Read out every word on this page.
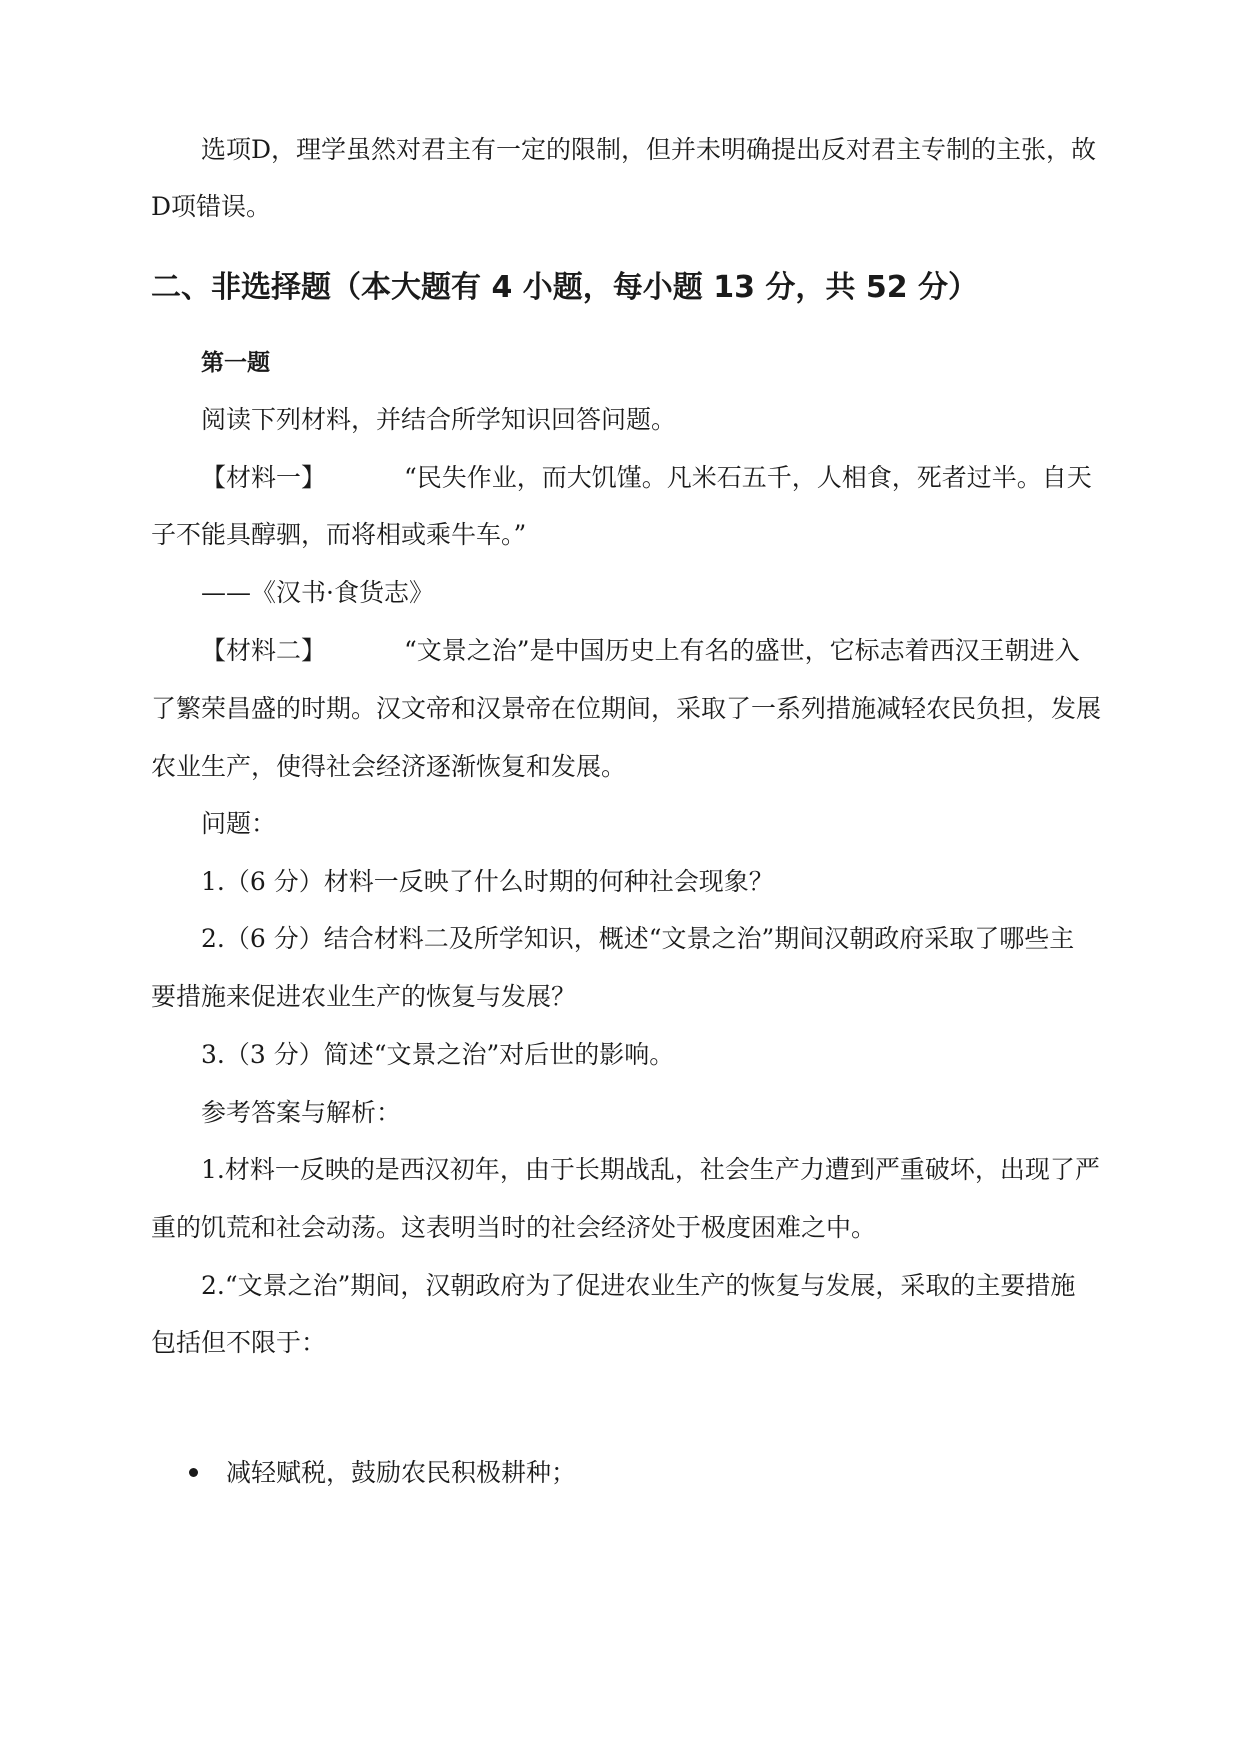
选项D，理学虽然对君主有一定的限制，但并未明确提出反对君主专制的主张，故
D项错误。
二、非选择题（本大题有 4 小题，每小题 13 分，共 52 分）
第一题
阅读下列材料，并结合所学知识回答问题。
【材料一】	“民失作业，而大饥馑。凡米石五千，人相食，死者过半。自天
子不能具醇驷，而将相或乘牛车。”
——《汉书·食货志》
【材料二】	“文景之治”是中国历史上有名的盛世，它标志着西汉王朝进入
了繁荣昌盛的时期。汉文帝和汉景帝在位期间，采取了一系列措施减轻农民负担，发展
农业生产，使得社会经济逐渐恢复和发展。
问题：
1.（6 分）材料一反映了什么时期的何种社会现象？
2.（6 分）结合材料二及所学知识，概述“文景之治”期间汉朝政府采取了哪些主
要措施来促进农业生产的恢复与发展？
3.（3 分）简述“文景之治”对后世的影响。
参考答案与解析：
1.材料一反映的是西汉初年，由于长期战乱，社会生产力遭到严重破坏，出现了严
重的饥荒和社会动荡。这表明当时的社会经济处于极度困难之中。
2.“文景之治”期间，汉朝政府为了促进农业生产的恢复与发展，采取的主要措施
包括但不限于：
减轻赋税，鼓励农民积极耕种；
